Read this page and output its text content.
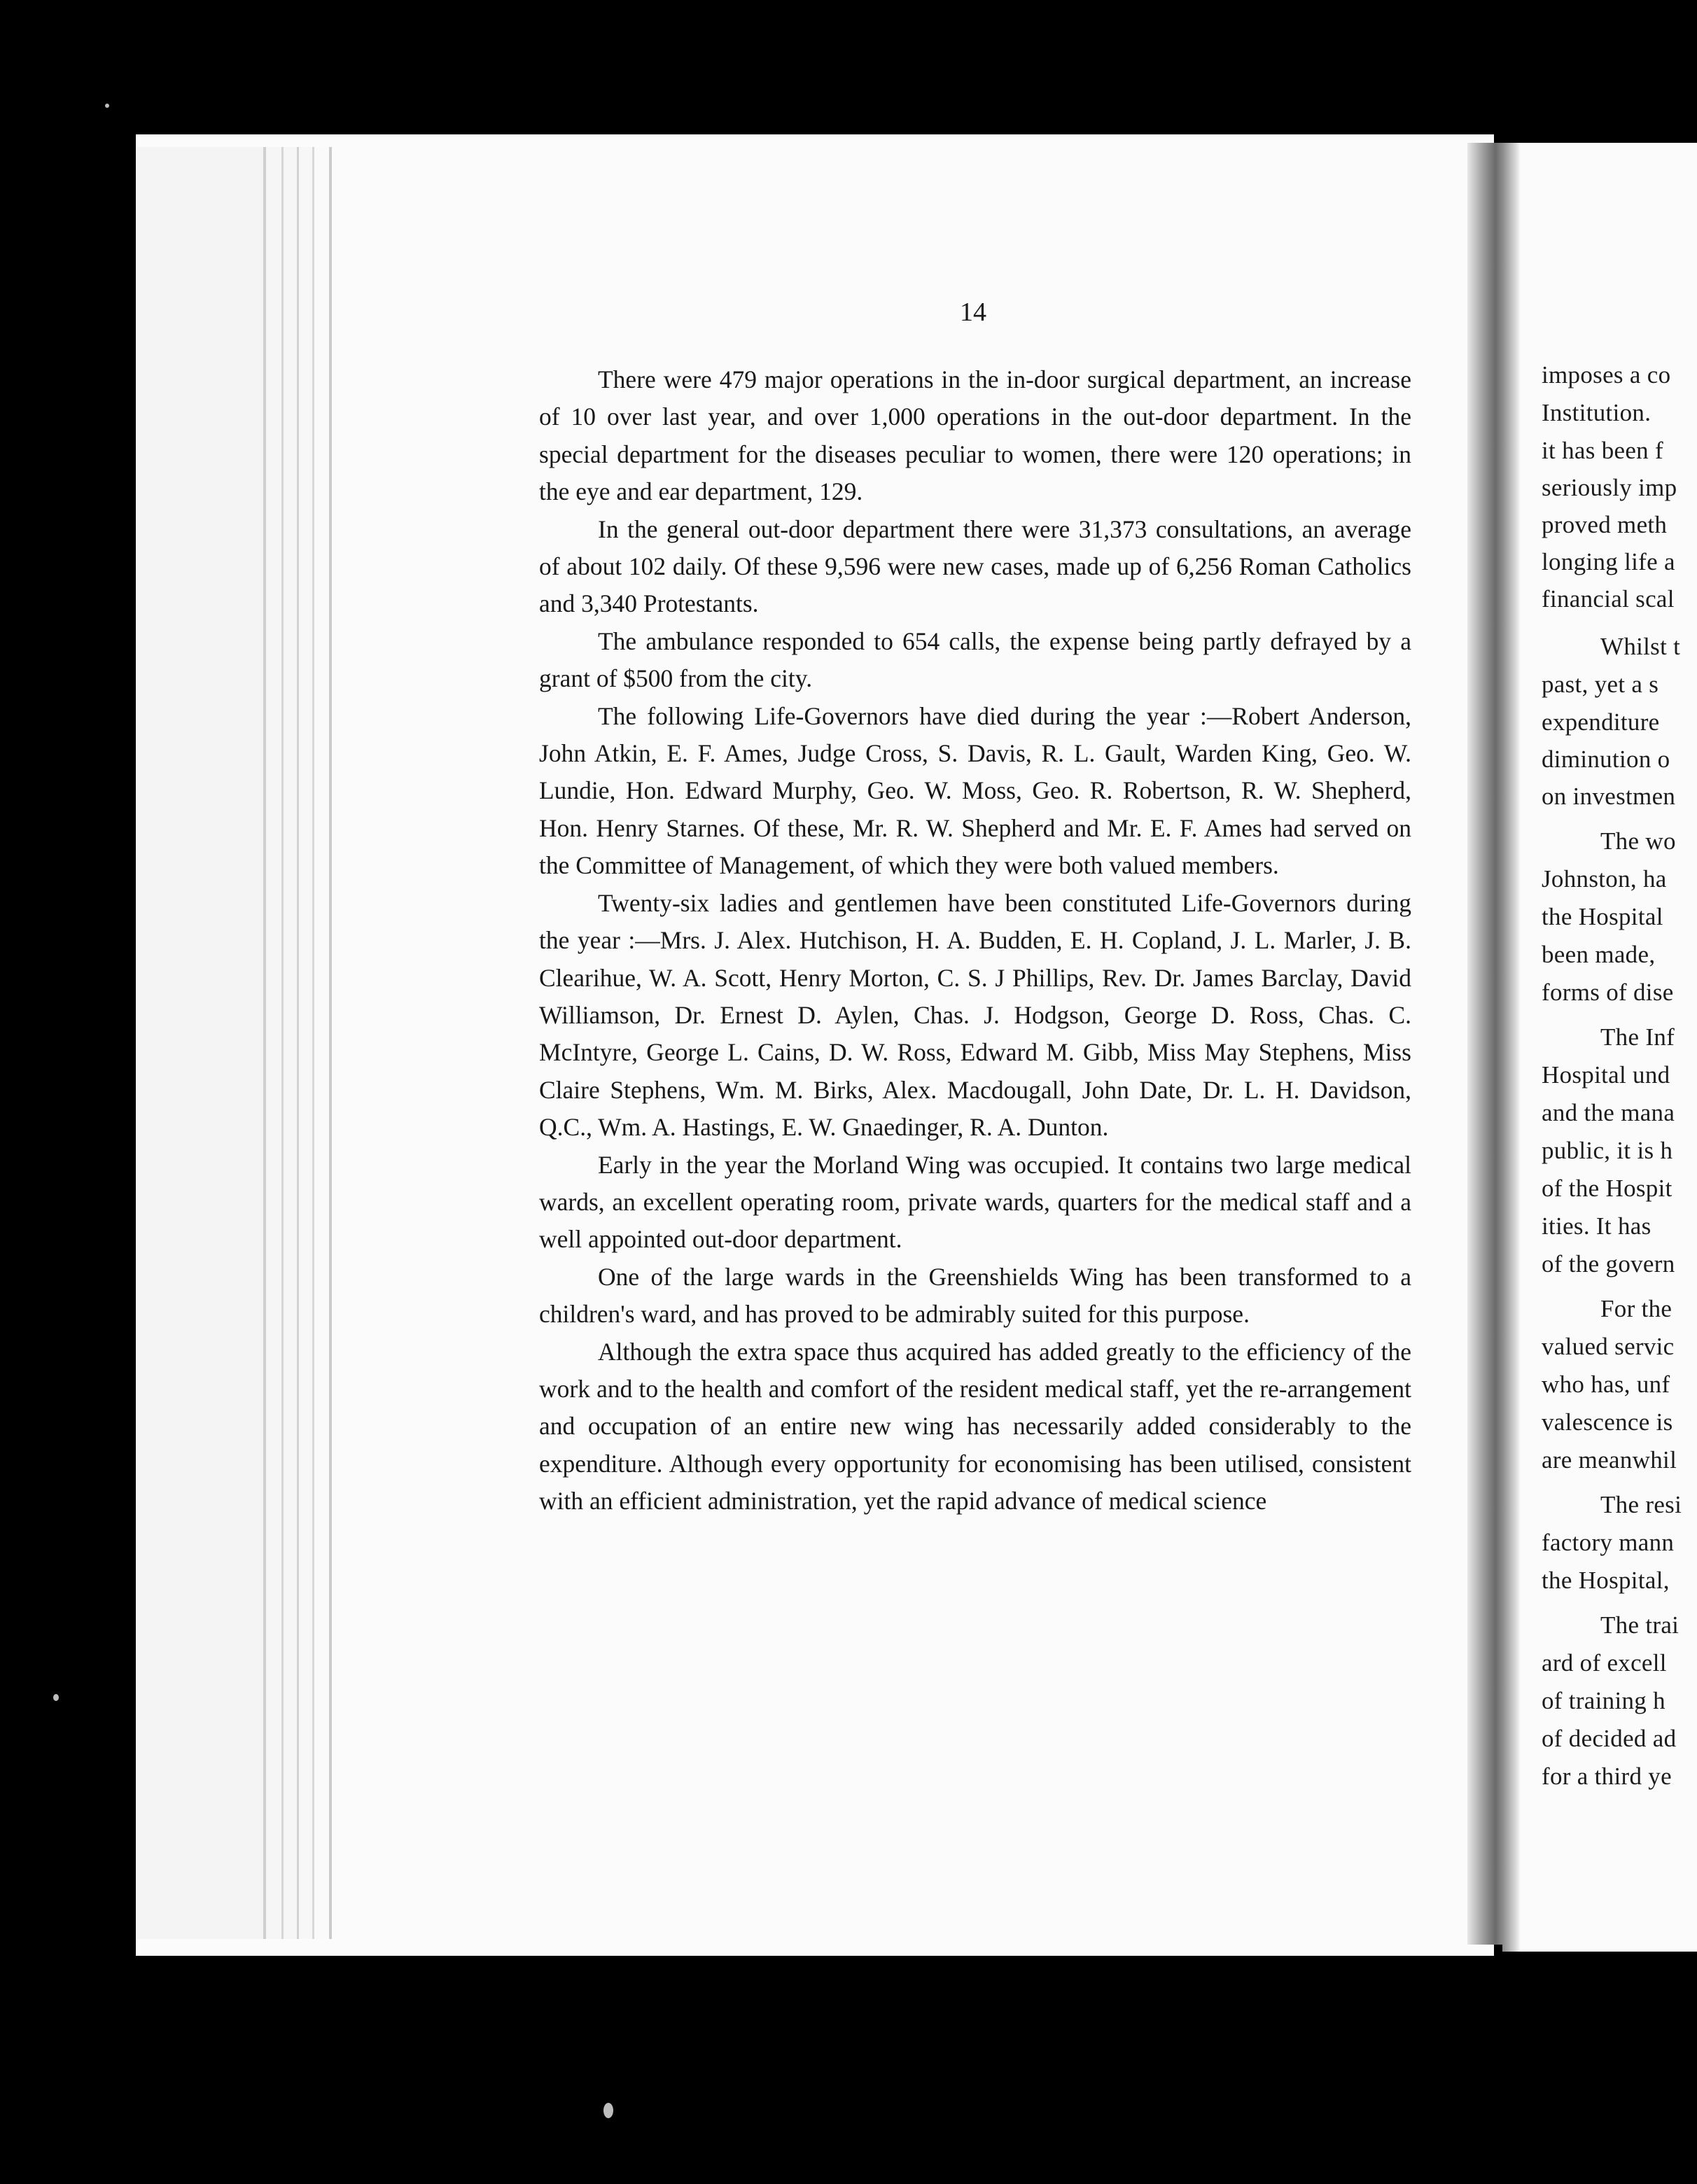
imposes a co
Institution.
it has been f
seriously imp
proved meth
longing life a
financial scal
Whilst t
past, yet a s
expenditure
diminution o
on investmen
The wo
Johnston, ha
the Hospital
been made,
forms of dise
The Inf
Hospital und
and the mana
public, it is h
of the Hospit
ities. It has
of the govern
For the
valued servic
who has, unf
valescence is
are meanwhil
The resi
factory mann
the Hospital,
The trai
ard of excell
of training h
of decided ad
for a third ye
14

There were 479 major operations in the in-door surgical department, an increase of 10 over last year, and over 1,000 operations in the out-door department. In the special department for the diseases peculiar to women, there were 120 operations; in the eye and ear department, 129.

In the general out-door department there were 31,373 consultations, an average of about 102 daily. Of these 9,596 were new cases, made up of 6,256 Roman Catholics and 3,340 Protestants.

The ambulance responded to 654 calls, the expense being partly defrayed by a grant of $500 from the city.

The following Life-Governors have died during the year :—Robert Anderson, John Atkin, E. F. Ames, Judge Cross, S. Davis, R. L. Gault, Warden King, Geo. W. Lundie, Hon. Edward Murphy, Geo. W. Moss, Geo. R. Robertson, R. W. Shepherd, Hon. Henry Starnes. Of these, Mr. R. W. Shepherd and Mr. E. F. Ames had served on the Committee of Management, of which they were both valued members.

Twenty-six ladies and gentlemen have been constituted Life-Governors during the year :—Mrs. J. Alex. Hutchison, H. A. Budden, E. H. Copland, J. L. Marler, J. B. Clearihue, W. A. Scott, Henry Morton, C. S. J Phillips, Rev. Dr. James Barclay, David Williamson, Dr. Ernest D. Aylen, Chas. J. Hodgson, George D. Ross, Chas. C. McIntyre, George L. Cains, D. W. Ross, Edward M. Gibb, Miss May Stephens, Miss Claire Stephens, Wm. M. Birks, Alex. Macdougall, John Date, Dr. L. H. Davidson, Q.C., Wm. A. Hastings, E. W. Gnaedinger, R. A. Dunton.

Early in the year the Morland Wing was occupied. It contains two large medical wards, an excellent operating room, private wards, quarters for the medical staff and a well appointed out-door department.

One of the large wards in the Greenshields Wing has been transformed to a children's ward, and has proved to be admirably suited for this purpose.

Although the extra space thus acquired has added greatly to the efficiency of the work and to the health and comfort of the resident medical staff, yet the re-arrangement and occupation of an entire new wing has necessarily added considerably to the expenditure. Although every opportunity for economising has been utilised, consistent with an efficient administration, yet the rapid advance of medical science
